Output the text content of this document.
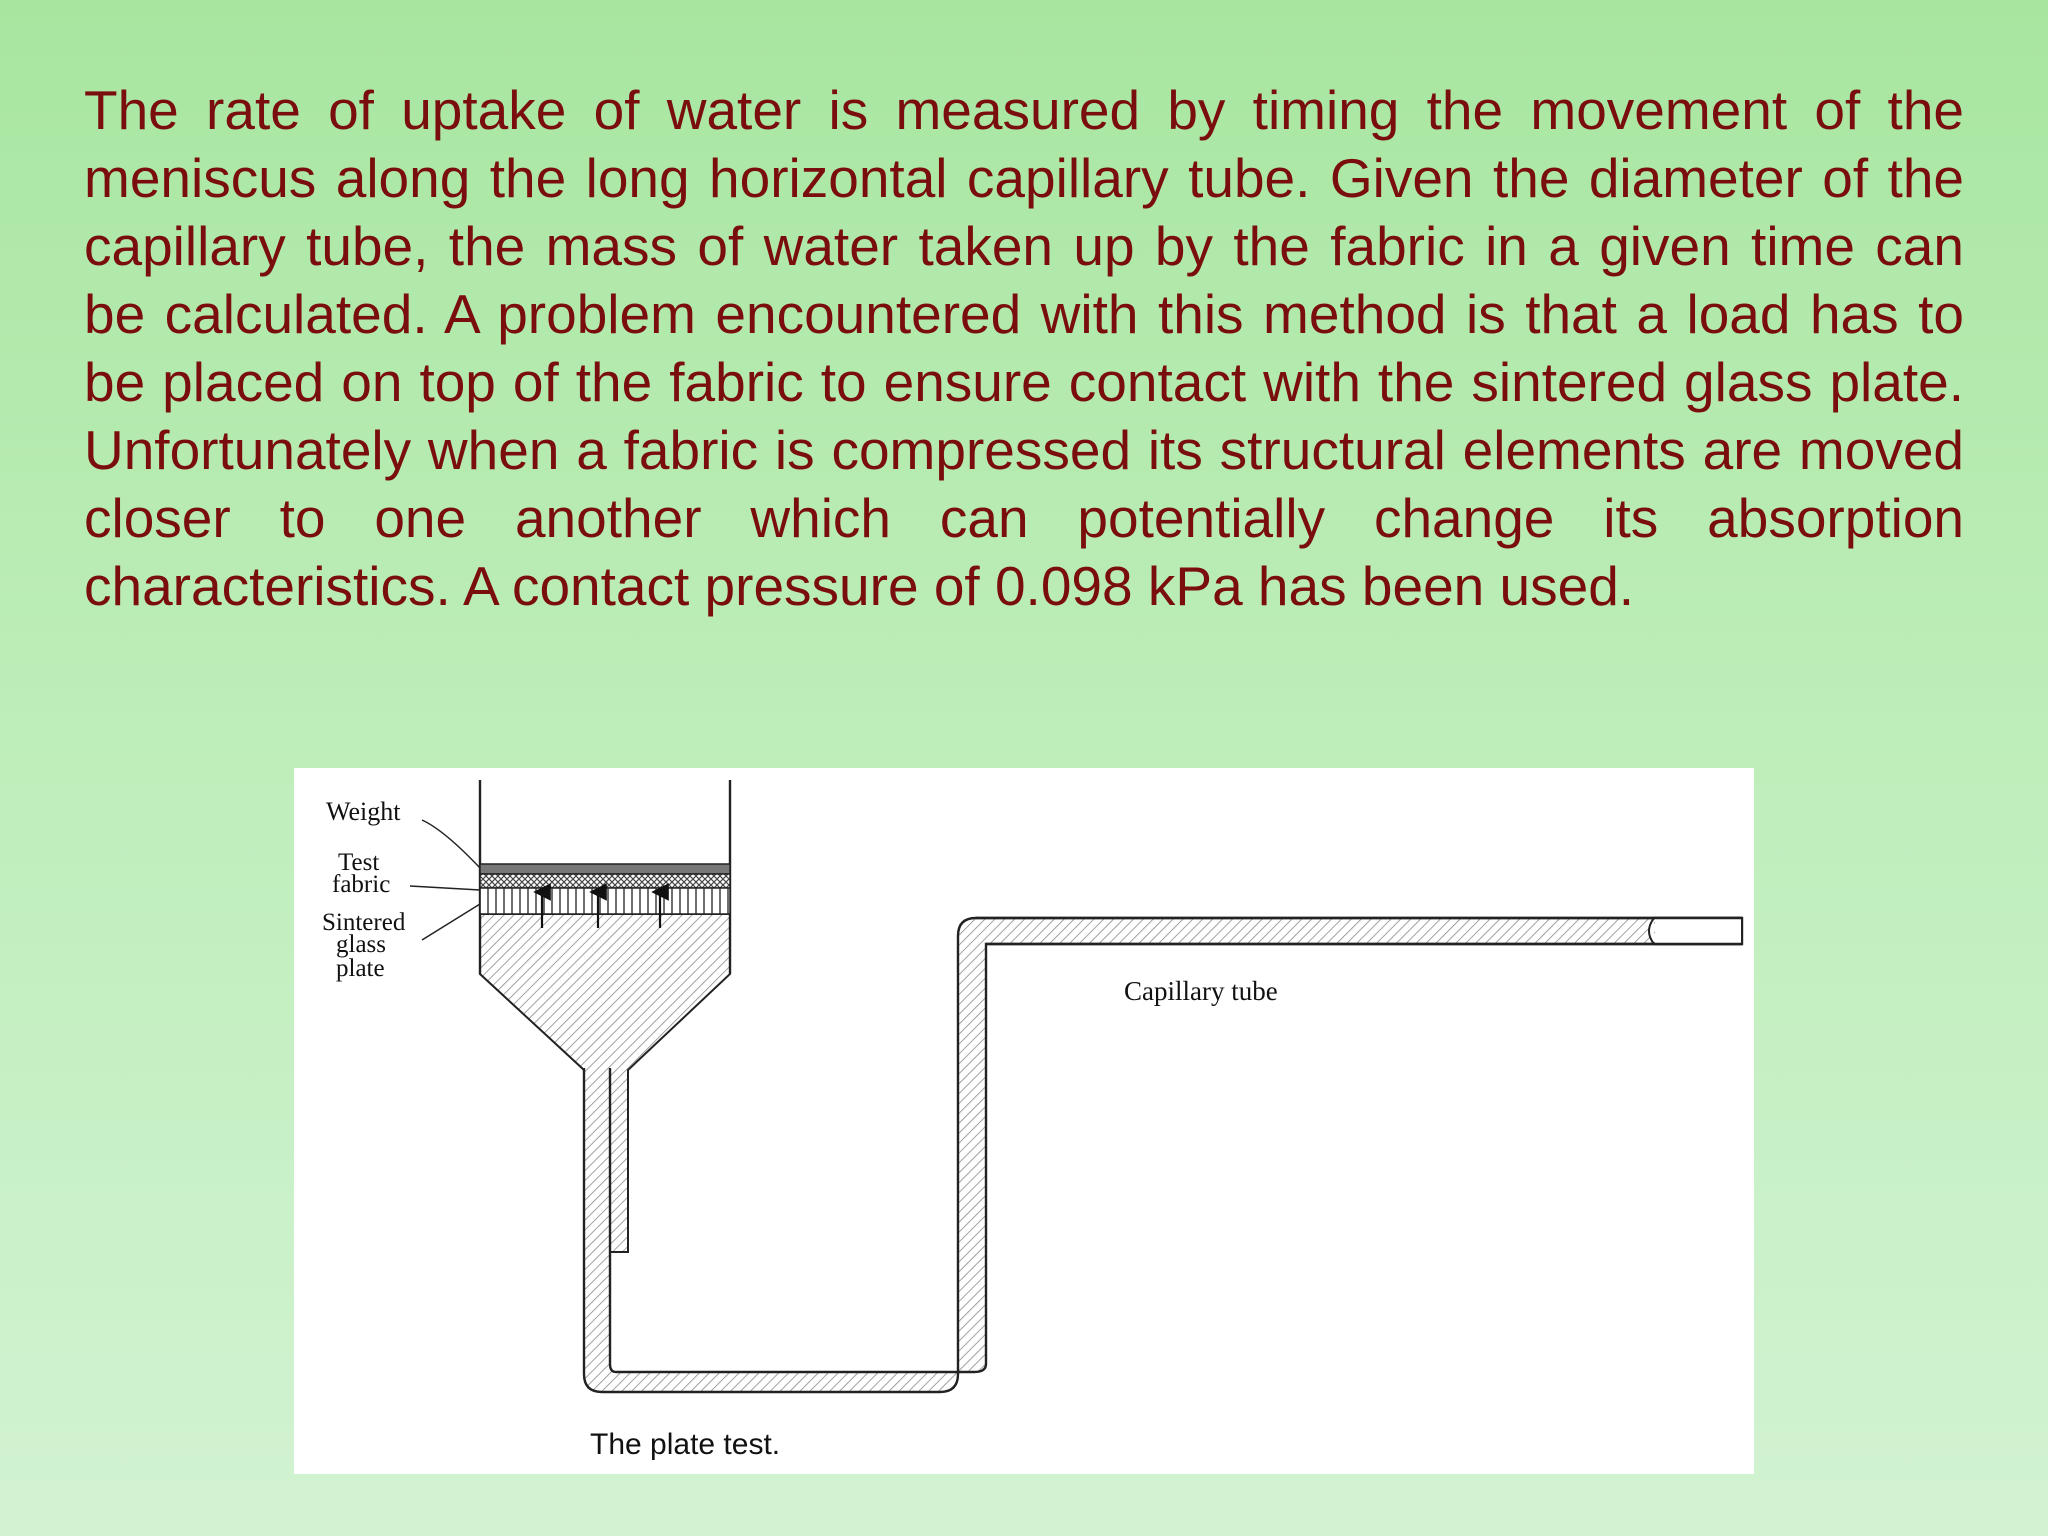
The rate of uptake of water is measured by timing the movement of the meniscus along the long horizontal capillary tube. Given the diameter of the capillary tube, the mass of water taken up by the fabric in a given time can be calculated. A problem encountered with this method is that a load has to be placed on top of the fabric to ensure contact with the sintered glass plate. Unfortunately when a fabric is compressed its structural elements are moved closer to one another which can potentially change its absorption characteristics. A contact pressure of 0.098 kPa has been used.

Weight
Test
fabric
Sintered
glass
plate
Capillary tube
The plate test.
